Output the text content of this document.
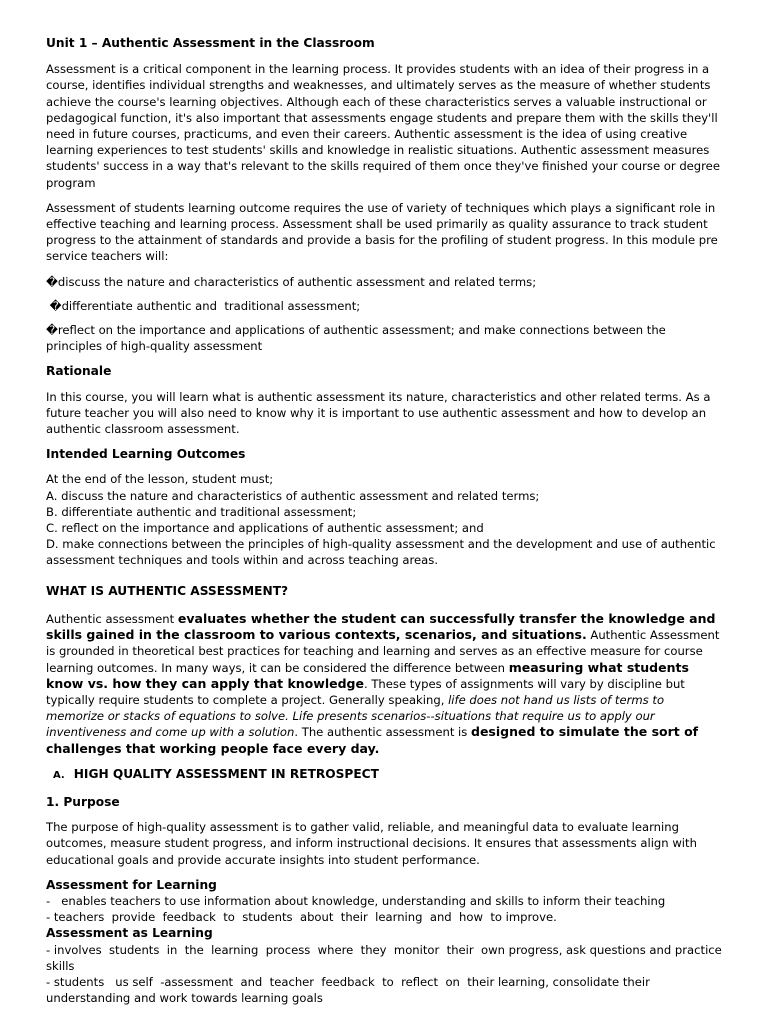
Unit 1 – Authentic Assessment in the Classroom

Assessment is a critical component in the learning process. It provides students with an idea of their progress in a course, identifies individual strengths and weaknesses, and ultimately serves as the measure of whether students achieve the course's learning objectives. Although each of these characteristics serves a valuable instructional or pedagogical function, it's also important that assessments engage students and prepare them with the skills they'll need in future courses, practicums, and even their careers. Authentic assessment is the idea of using creative learning experiences to test students' skills and knowledge in realistic situations. Authentic assessment measures students' success in a way that's relevant to the skills required of them once they've finished your course or degree program

Assessment of students learning outcome requires the use of variety of techniques which plays a significant role in effective teaching and learning process. Assessment shall be used primarily as quality assurance to track student progress to the attainment of standards and provide a basis for the profiling of student progress. In this module pre service teachers will:

�discuss the nature and characteristics of authentic assessment and related terms;

�differentiate authentic and  traditional assessment;

�reflect on the importance and applications of authentic assessment; and make connections between the principles of high-quality assessment

Rationale

In this course, you will learn what is authentic assessment its nature, characteristics and other related terms. As a future teacher you will also need to know why it is important to use authentic assessment and how to develop an authentic classroom assessment.

Intended Learning Outcomes

At the end of the lesson, student must;

A. discuss the nature and characteristics of authentic assessment and related terms;

B. differentiate authentic and traditional assessment;

C. reflect on the importance and applications of authentic assessment; and

D. make connections between the principles of high-quality assessment and the development and use of authentic assessment techniques and tools within and across teaching areas.

WHAT IS AUTHENTIC ASSESSMENT?

Authentic assessment evaluates whether the student can successfully transfer the knowledge and skills gained in the classroom to various contexts, scenarios, and situations. Authentic Assessment is grounded in theoretical best practices for teaching and learning and serves as an effective measure for course learning outcomes. In many ways, it can be considered the difference between measuring what students know vs. how they can apply that knowledge. These types of assignments will vary by discipline but typically require students to complete a project. Generally speaking, life does not hand us lists of terms to memorize or stacks of equations to solve. Life presents scenarios--situations that require us to apply our inventiveness and come up with a solution. The authentic assessment is designed to simulate the sort of challenges that working people face every day.

A. HIGH QUALITY ASSESSMENT IN RETROSPECT

1. Purpose

The purpose of high-quality assessment is to gather valid, reliable, and meaningful data to evaluate learning outcomes, measure student progress, and inform instructional decisions. It ensures that assessments align with educational goals and provide accurate insights into student performance.

Assessment for Learning

-   enables teachers to use information about knowledge, understanding and skills to inform their teaching

- teachers  provide  feedback  to  students  about  their  learning  and  how  to improve.

Assessment as Learning

- involves  students  in  the  learning  process  where  they  monitor  their  own progress, ask questions and practice skills

- students   us self  -assessment  and  teacher  feedback  to  reflect  on  their learning, consolidate their understanding and work towards learning goals
